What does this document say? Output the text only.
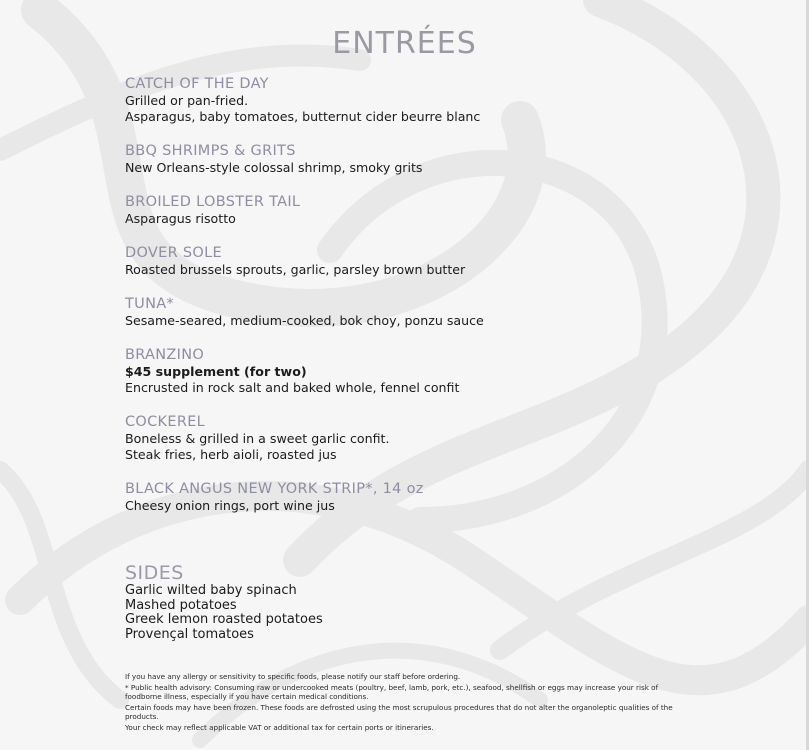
ENTRÉES
CATCH OF THE DAY
Grilled or pan-fried.
Asparagus, baby tomatoes, butternut cider beurre blanc
BBQ SHRIMPS & GRITS
New Orleans-style colossal shrimp, smoky grits
BROILED LOBSTER TAIL
Asparagus risotto
DOVER SOLE
Roasted brussels sprouts, garlic, parsley brown butter
TUNA*
Sesame-seared, medium-cooked, bok choy, ponzu sauce
BRANZINO
$45 supplement (for two)
Encrusted in rock salt and baked whole, fennel confit
COCKEREL
Boneless & grilled in a sweet garlic confit.
Steak fries, herb aioli, roasted jus
BLACK ANGUS NEW YORK STRIP*, 14 oz
Cheesy onion rings, port wine jus
SIDES
Garlic wilted baby spinach
Mashed potatoes
Greek lemon roasted potatoes
Provençal tomatoes
If you have any allergy or sensitivity to specific foods, please notify our staff before ordering.
* Public health advisory: Consuming raw or undercooked meats (poultry, beef, lamb, pork, etc.), seafood, shellfish or eggs may increase your risk of foodborne illness, especially if you have certain medical conditions.
Certain foods may have been frozen. These foods are defrosted using the most scrupulous procedures that do not alter the organoleptic qualities of the products.
Your check may reflect applicable VAT or additional tax for certain ports or itineraries.
